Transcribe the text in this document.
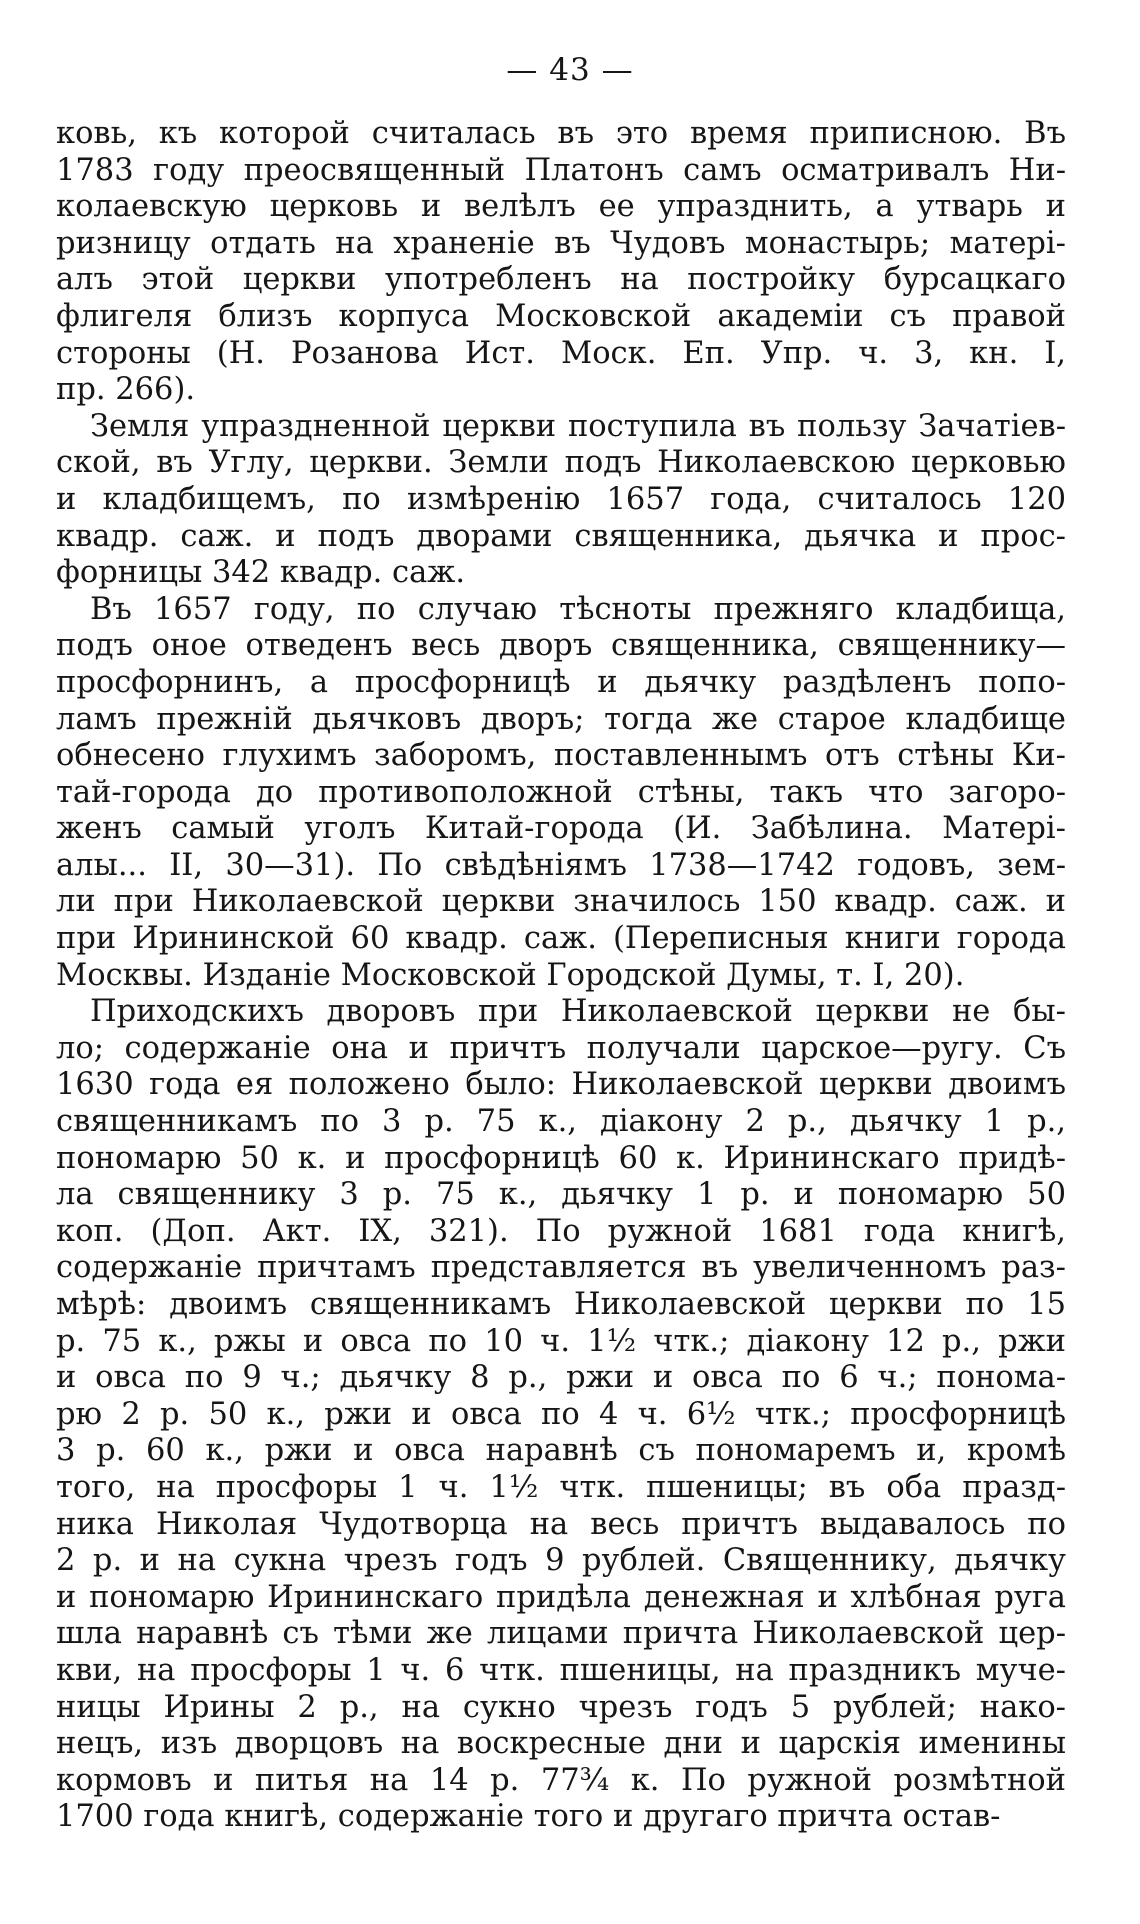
— 43 —
ковь, къ которой считалась въ это время приписною. Въ
1783 году преосвященный Платонъ самъ осматривалъ Ни-
колаевскую церковь и велѣлъ ее упразднить, а утварь и
ризницу отдать на храненіе въ Чудовъ монастырь; матері-
алъ этой церкви употребленъ на постройку бурсацкаго
флигеля близъ корпуса Московской академіи съ правой
стороны (Н. Розанова Ист. Моск. Еп. Упр. ч. 3, кн. I,
пр. 266).
Земля упраздненной церкви поступила въ пользу Зачатіев-
ской, въ Углу, церкви. Земли подъ Николаевскою церковью
и кладбищемъ, по измѣренію 1657 года, считалось 120
квадр. саж. и подъ дворами священника, дьячка и прос-
форницы 342 квадр. саж.
Въ 1657 году, по случаю тѣсноты прежняго кладбища,
подъ оное отведенъ весь дворъ священника, священнику—
просфорнинъ, а просфорницѣ и дьячку раздѣленъ попо-
ламъ прежній дьячковъ дворъ; тогда же старое кладбище
обнесено глухимъ заборомъ, поставленнымъ отъ стѣны Ки-
тай-города до противоположной стѣны, такъ что загоро-
женъ самый уголъ Китай-города (И. Забѣлина. Матері-
алы... II, 30—31). По свѣдѣніямъ 1738—1742 годовъ, зем-
ли при Николаевской церкви значилось 150 квадр. саж. и
при Ирининской 60 квадр. саж. (Переписныя книги города
Москвы. Изданіе Московской Городской Думы, т. I, 20).
Приходскихъ дворовъ при Николаевской церкви не бы-
ло; содержаніе она и причтъ получали царское—ругу. Съ
1630 года ея положено было: Николаевской церкви двоимъ
священникамъ по 3 р. 75 к., діакону 2 р., дьячку 1 р.,
пономарю 50 к. и просфорницѣ 60 к. Ирининскаго придѣ-
ла священнику 3 р. 75 к., дьячку 1 р. и пономарю 50
коп. (Доп. Акт. IX, 321). По ружной 1681 года книгѣ,
содержаніе причтамъ представляется въ увеличенномъ раз-
мѣрѣ: двоимъ священникамъ Николаевской церкви по 15
р. 75 к., ржы и овса по 10 ч. 1½ чтк.; діакону 12 р., ржи
и овса по 9 ч.; дьячку 8 р., ржи и овса по 6 ч.; понома-
рю 2 р. 50 к., ржи и овса по 4 ч. 6½ чтк.; просфорницѣ
3 р. 60 к., ржи и овса наравнѣ съ пономаремъ и, кромѣ
того, на просфоры 1 ч. 1½ чтк. пшеницы; въ оба празд-
ника Николая Чудотворца на весь причтъ выдавалось по
2 р. и на сукна чрезъ годъ 9 рублей. Священнику, дьячку
и пономарю Ирининскаго придѣла денежная и хлѣбная руга
шла наравнѣ съ тѣми же лицами причта Николаевской цер-
кви, на просфоры 1 ч. 6 чтк. пшеницы, на праздникъ муче-
ницы Ирины 2 р., на сукно чрезъ годъ 5 рублей; нако-
нецъ, изъ дворцовъ на воскресные дни и царскія именины
кормовъ и питья на 14 р. 77¾ к. По ружной розмѣтной
1700 года книгѣ, содержаніе того и другаго причта остав-
